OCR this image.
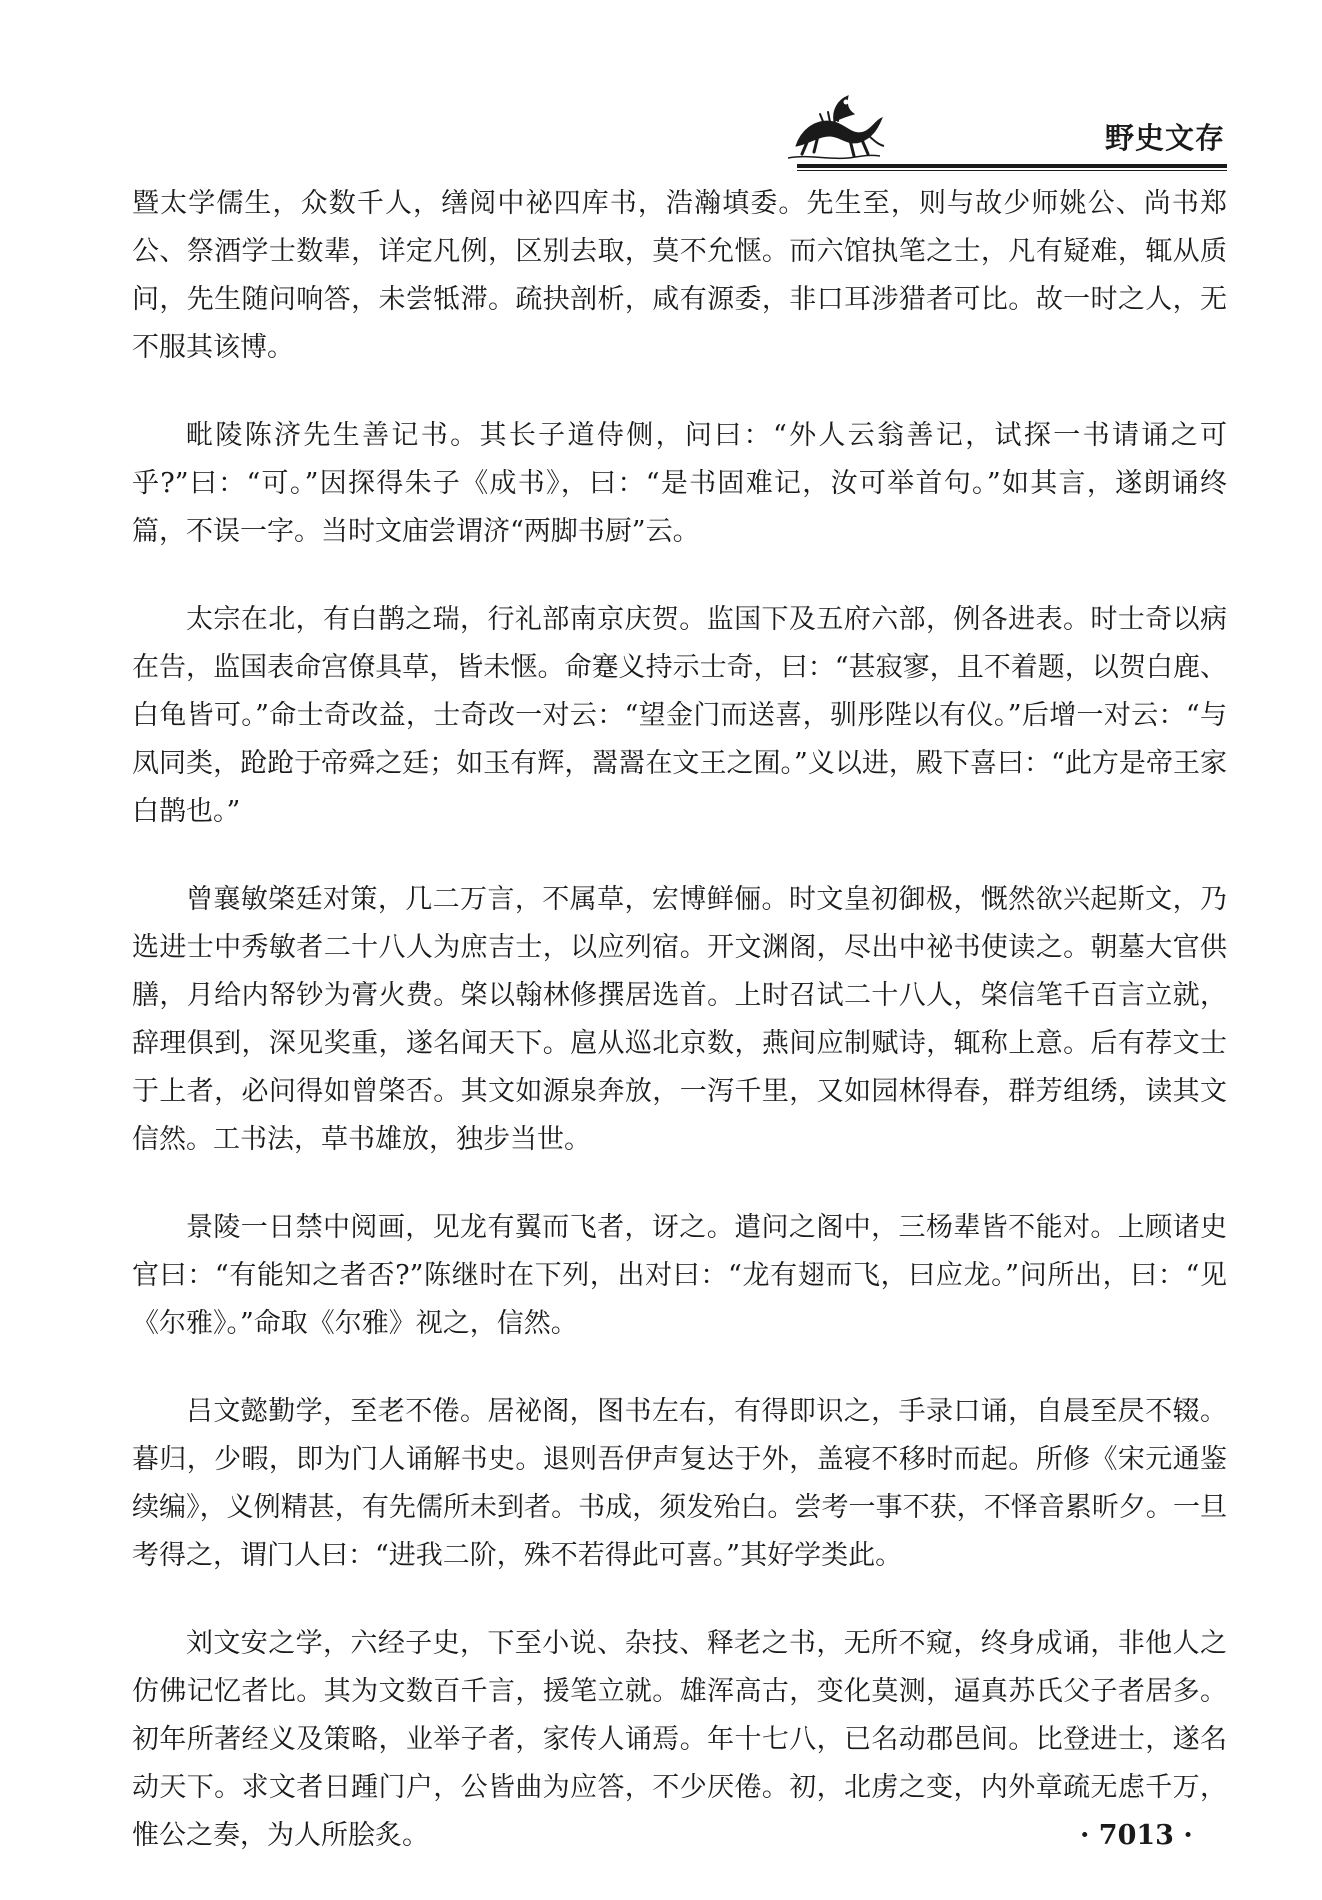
野史文存

暨太学儒生，众数千人，缮阅中祕四库书，浩瀚填委。先生至，则与故少师姚公、尚书郑公、祭酒学士数辈，详定凡例，区别去取，莫不允惬。而六馆执笔之士，凡有疑难，辄从质问，先生随问响答，未尝牴滞。疏抉剖析，咸有源委，非口耳涉猎者可比。故一时之人，无不服其该博。

毗陵陈济先生善记书。其长子道侍侧，问曰：“外人云翁善记，试探一书请诵之可乎?”曰：“可。”因探得朱子《成书》，曰：“是书固难记，汝可举首句。”如其言，遂朗诵终篇，不误一字。当时文庙尝谓济“两脚书厨”云。

太宗在北，有白鹊之瑞，行礼部南京庆贺。监国下及五府六部，例各进表。时士奇以病在告，监国表命宫僚具草，皆未惬。命蹇义持示士奇，曰：“甚寂寥，且不着题，以贺白鹿、白龟皆可。”命士奇改益，士奇改一对云：“望金门而送喜，驯彤陛以有仪。”后增一对云：“与凤同类，跄跄于帝舜之廷；如玉有辉，翯翯在文王之囿。”义以进，殿下喜曰：“此方是帝王家白鹊也。”

曾襄敏棨廷对策，几二万言，不属草，宏博鲜俪。时文皇初御极，慨然欲兴起斯文，乃选进士中秀敏者二十八人为庶吉士，以应列宿。开文渊阁，尽出中祕书使读之。朝墓大官供膳，月给内帑钞为膏火费。棨以翰林修撰居选首。上时召试二十八人，棨信笔千百言立就，辞理俱到，深见奖重，遂名闻天下。扈从巡北京数，燕间应制赋诗，辄称上意。后有荐文士于上者，必问得如曾棨否。其文如源泉奔放，一泻千里，又如园林得春，群芳组绣，读其文信然。工书法，草书雄放，独步当世。

景陵一日禁中阅画，见龙有翼而飞者，讶之。遣问之阁中，三杨辈皆不能对。上顾诸史官曰：“有能知之者否?”陈继时在下列，出对曰：“龙有翅而飞，曰应龙。”问所出，曰：“见《尔雅》。”命取《尔雅》视之，信然。

吕文懿勤学，至老不倦。居祕阁，图书左右，有得即识之，手录口诵，自晨至昃不辍。暮归，少暇，即为门人诵解书史。退则吾伊声复达于外，盖寝不移时而起。所修《宋元通鉴续编》，义例精甚，有先儒所未到者。书成，须发殆白。尝考一事不获，不怿音累昕夕。一旦考得之，谓门人曰：“进我二阶，殊不若得此可喜。”其好学类此。

刘文安之学，六经子史，下至小说、杂技、释老之书，无所不窥，终身成诵，非他人之仿佛记忆者比。其为文数百千言，援笔立就。雄浑高古，变化莫测，逼真苏氏父子者居多。初年所著经义及策略，业举子者，家传人诵焉。年十七八，已名动郡邑间。比登进士，遂名动天下。求文者日踵门户，公皆曲为应答，不少厌倦。初，北虏之变，内外章疏无虑千万，惟公之奏，为人所脍炙。	· 7013 ·
